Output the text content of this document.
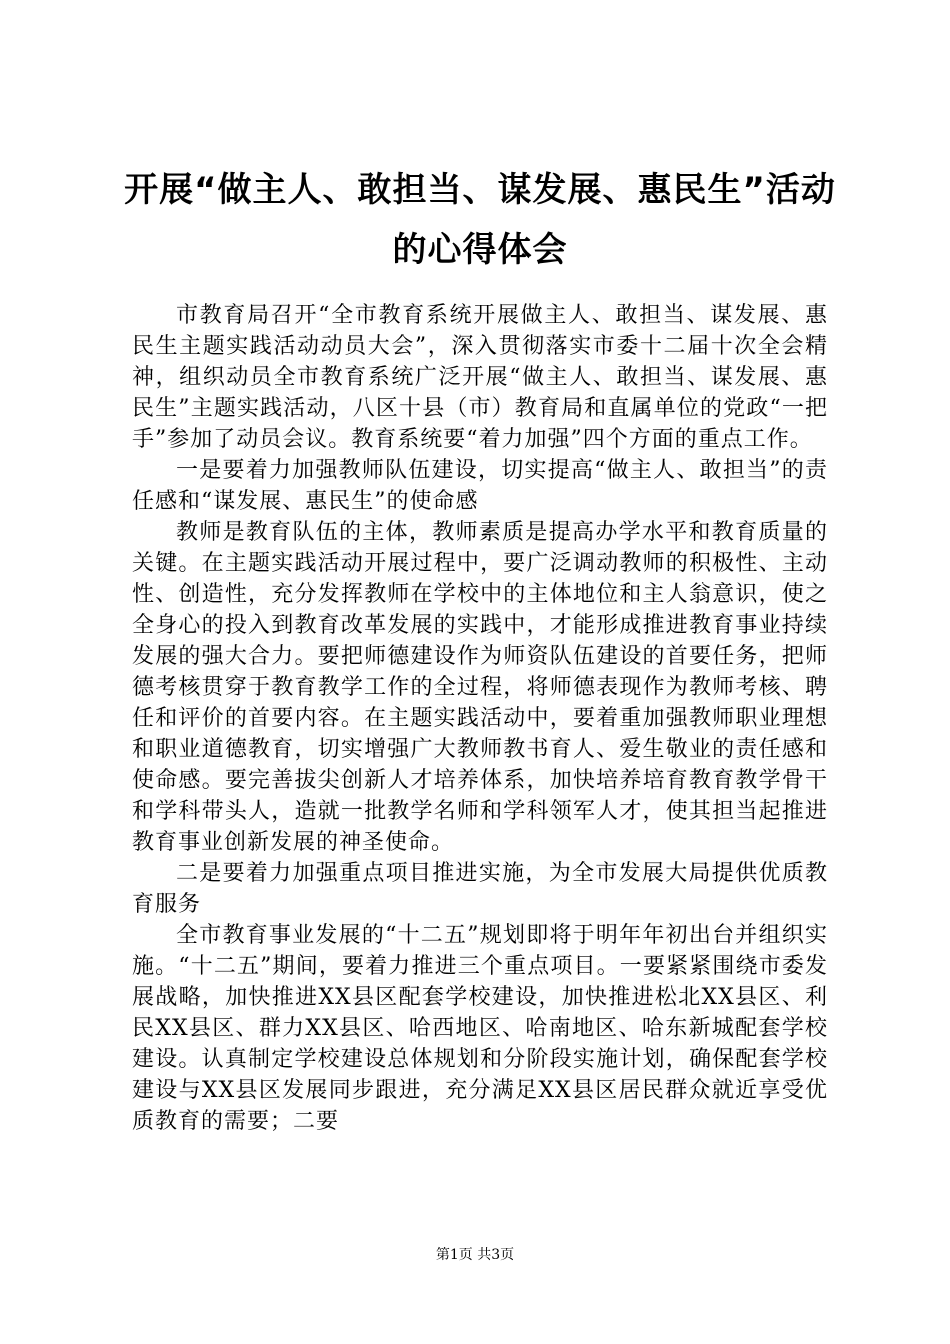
开展“做主人、敢担当、谋发展、惠民生”活动的心得体会

市教育局召开“全市教育系统开展做主人、敢担当、谋发展、惠民生主题实践活动动员大会”，深入贯彻落实市委十二届十次全会精神，组织动员全市教育系统广泛开展“做主人、敢担当、谋发展、惠民生”主题实践活动，八区十县（市）教育局和直属单位的党政“一把手”参加了动员会议。教育系统要“着力加强”四个方面的重点工作。

一是要着力加强教师队伍建设，切实提高“做主人、敢担当”的责任感和“谋发展、惠民生”的使命感

教师是教育队伍的主体，教师素质是提高办学水平和教育质量的关键。在主题实践活动开展过程中，要广泛调动教师的积极性、主动性、创造性，充分发挥教师在学校中的主体地位和主人翁意识，使之全身心的投入到教育改革发展的实践中，才能形成推进教育事业持续发展的强大合力。要把师德建设作为师资队伍建设的首要任务，把师德考核贯穿于教育教学工作的全过程，将师德表现作为教师考核、聘任和评价的首要内容。在主题实践活动中，要着重加强教师职业理想和职业道德教育，切实增强广大教师教书育人、爱生敬业的责任感和使命感。要完善拔尖创新人才培养体系，加快培养培育教育教学骨干和学科带头人，造就一批教学名师和学科领军人才，使其担当起推进教育事业创新发展的神圣使命。

二是要着力加强重点项目推进实施，为全市发展大局提供优质教育服务

全市教育事业发展的“十二五”规划即将于明年年初出台并组织实施。“十二五”期间，要着力推进三个重点项目。一要紧紧围绕市委发展战略，加快推进XX县区配套学校建设，加快推进松北XX县区、利民XX县区、群力XX县区、哈西地区、哈南地区、哈东新城配套学校建设。认真制定学校建设总体规划和分阶段实施计划，确保配套学校建设与XX县区发展同步跟进，充分满足XX县区居民群众就近享受优质教育的需要；二要

第1页 共3页
